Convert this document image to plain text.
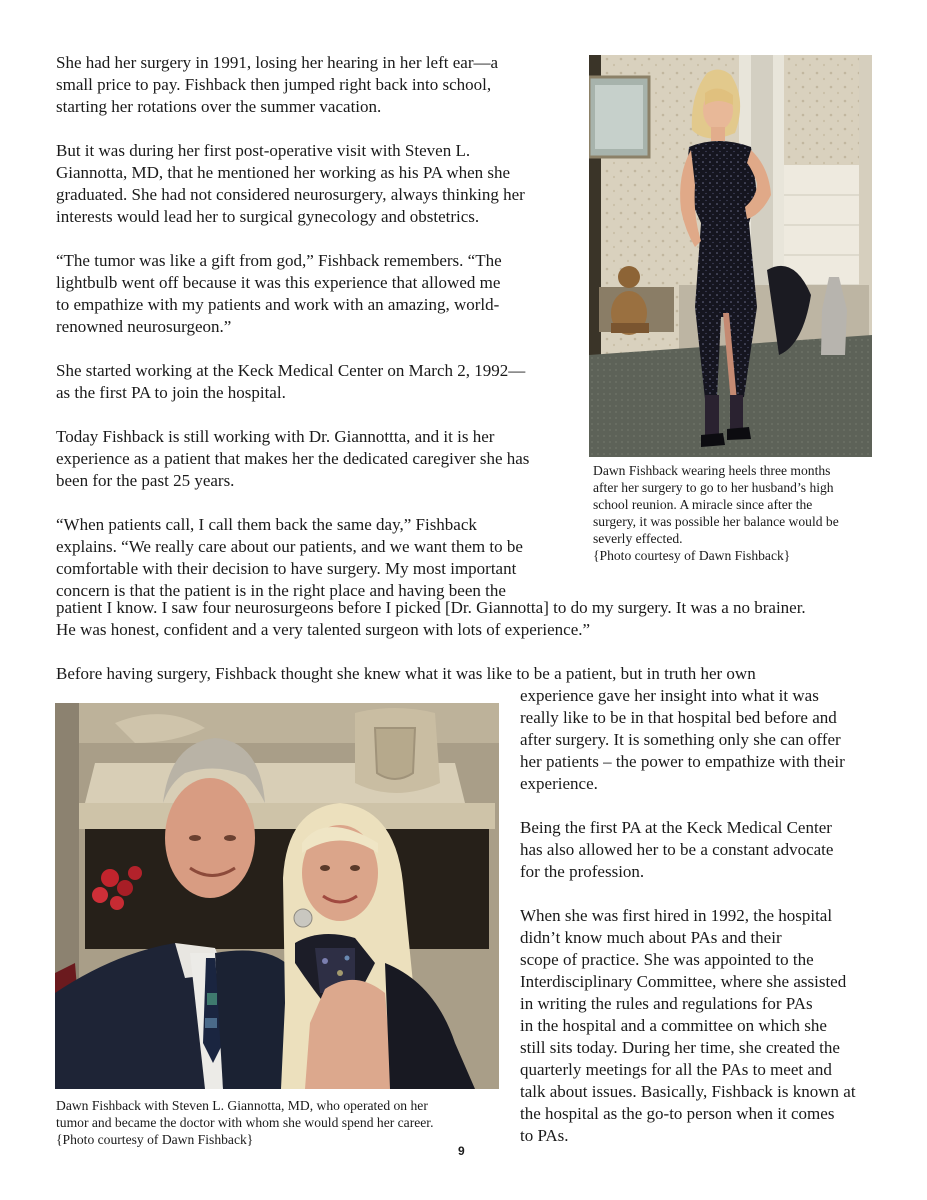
She had her surgery in 1991, losing her hearing in her left ear—a
small price to pay. Fishback then jumped right back into school,
starting her rotations over the summer vacation.

But it was during her first post-operative visit with Steven L.
Giannotta, MD, that he mentioned her working as his PA when she
graduated. She had not considered neurosurgery, always thinking her
interests would lead her to surgical gynecology and obstetrics.

“The tumor was like a gift from god,” Fishback remembers. “The
lightbulb went off because it was this experience that allowed me
to empathize with my patients and work with an amazing, world-
renowned neurosurgeon.”

She started working at the Keck Medical Center on March 2, 1992—
as the first PA to join the hospital.

Today Fishback is still working with Dr. Giannottta, and it is her
experience as a patient that makes her the dedicated caregiver she has
been for the past 25 years.

“When patients call, I call them back the same day,” Fishback
explains. “We really care about our patients, and we want them to be
comfortable with their decision to have surgery. My most important
concern is that the patient is in the right place and having been the

patient I know. I saw four neurosurgeons before I picked [Dr. Giannotta] to do my surgery. It was a no brainer.
He was honest, confident and a very talented surgeon with lots of experience.”
Before having surgery, Fishback thought she knew what it was like to be a patient, but in truth her own

experience gave her insight into what it was
really like to be in that hospital bed before and
after surgery. It is something only she can offer
her patients – the power to empathize with their
experience.

Being the first PA at the Keck Medical Center
has also allowed her to be a constant advocate
for the profession.

When she was first hired in 1992, the hospital
didn’t know much about PAs and their
scope of practice. She was appointed to the
Interdisciplinary Committee, where she assisted
in writing the rules and regulations for PAs
in the hospital and a committee on which she
still sits today. During her time, she created the
quarterly meetings for all the PAs to meet and
talk about issues. Basically, Fishback is known at
the hospital as the go-to person when it comes
to PAs.

Dawn Fishback wearing heels three months
after her surgery to go to her husband’s high
school reunion. A miracle since after the
surgery, it was possible her balance would be
severly effected.
{Photo courtesy of Dawn Fishback}
Dawn Fishback with Steven L. Giannotta, MD, who operated on her
tumor and became the doctor with whom she would spend her career.
{Photo courtesy of Dawn Fishback}
9
